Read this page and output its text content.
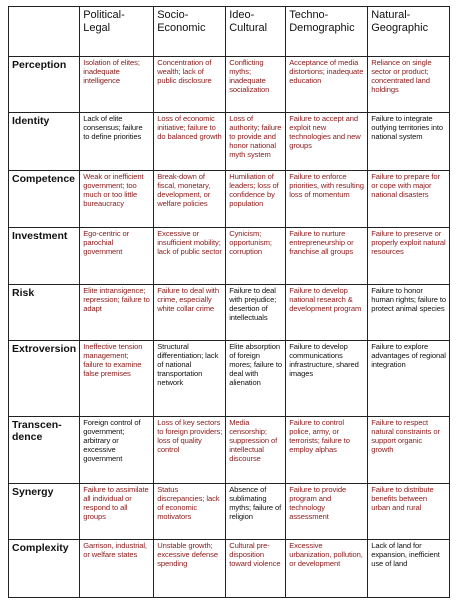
	Political-Legal	Socio-Economic	Ideo-Cultural	Techno-Demographic	Natural-Geographic
Perception	Isolation of elites; inadequate intelligence	Concentration of wealth; lack of public disclosure	Conflicting myths; inadequate socialization	Acceptance of media distortions; inadequate education	Reliance on single sector or product; concentrated land holdings
Identity	Lack of elite consensus; failure to define priorities	Loss of economic initiative; failure to do balanced growth	Loss of authority; failure to provide and honor national myth system	Failure to accept and exploit new technologies and new groups	Failure to integrate outlying territories into national system
Competence	Weak or inefficient government; too much or too little bureaucracy	Break-down of fiscal, monetary, development, or welfare policies	Humiliation of leaders; loss of confidence by population	Failure to enforce priorities, with resulting loss of momentum	Failure to prepare for or cope with major national disasters
Investment	Ego-centric or parochial government	Excessive or insufficient mobility; lack of public sector	Cynicism; opportunism; corruption	Failure to nurture entrepreneurship or franchise all groups	Failure to preserve or properly exploit natural resources
Risk	Elite intransigence; repression; failure to adapt	Failure to deal with crime, especially white collar crime	Failure to deal with prejudice; desertion of intellectuals	Failure to develop national research & development program	Failure to honor human rights; failure to protect animal species
Extroversion	Ineffective tension management; failure to examine false premises	Structural differentiation; lack of national transportation network	Elite absorption of foreign mores; failure to deal with alienation	Failure to develop communications infrastructure, shared images	Failure to explore advantages of regional integration
Transcen-dence	Foreign control of government; arbitrary or excessive government	Loss of key sectors to foreign providers; loss of quality control	Media censorship; suppression of intellectual discourse	Failure to control police, army, or terrorists; failure to employ alphas	Failure to respect natural constraints or support organic growth
Synergy	Failure to assimilate all individual or respond to all groups	Status discrepancies; lack of economic motivators	Absence of sublimating myths; failure of religion	Failure to provide program and technology assessment	Failure to distribute benefits between urban and rural
Complexity	Garrison, industrial, or welfare states	Unstable growth; excessive defense spending	Cultural pre-disposition toward violence	Excessive urbanization, pollution, or development	Lack of land for expansion, inefficient use of land
